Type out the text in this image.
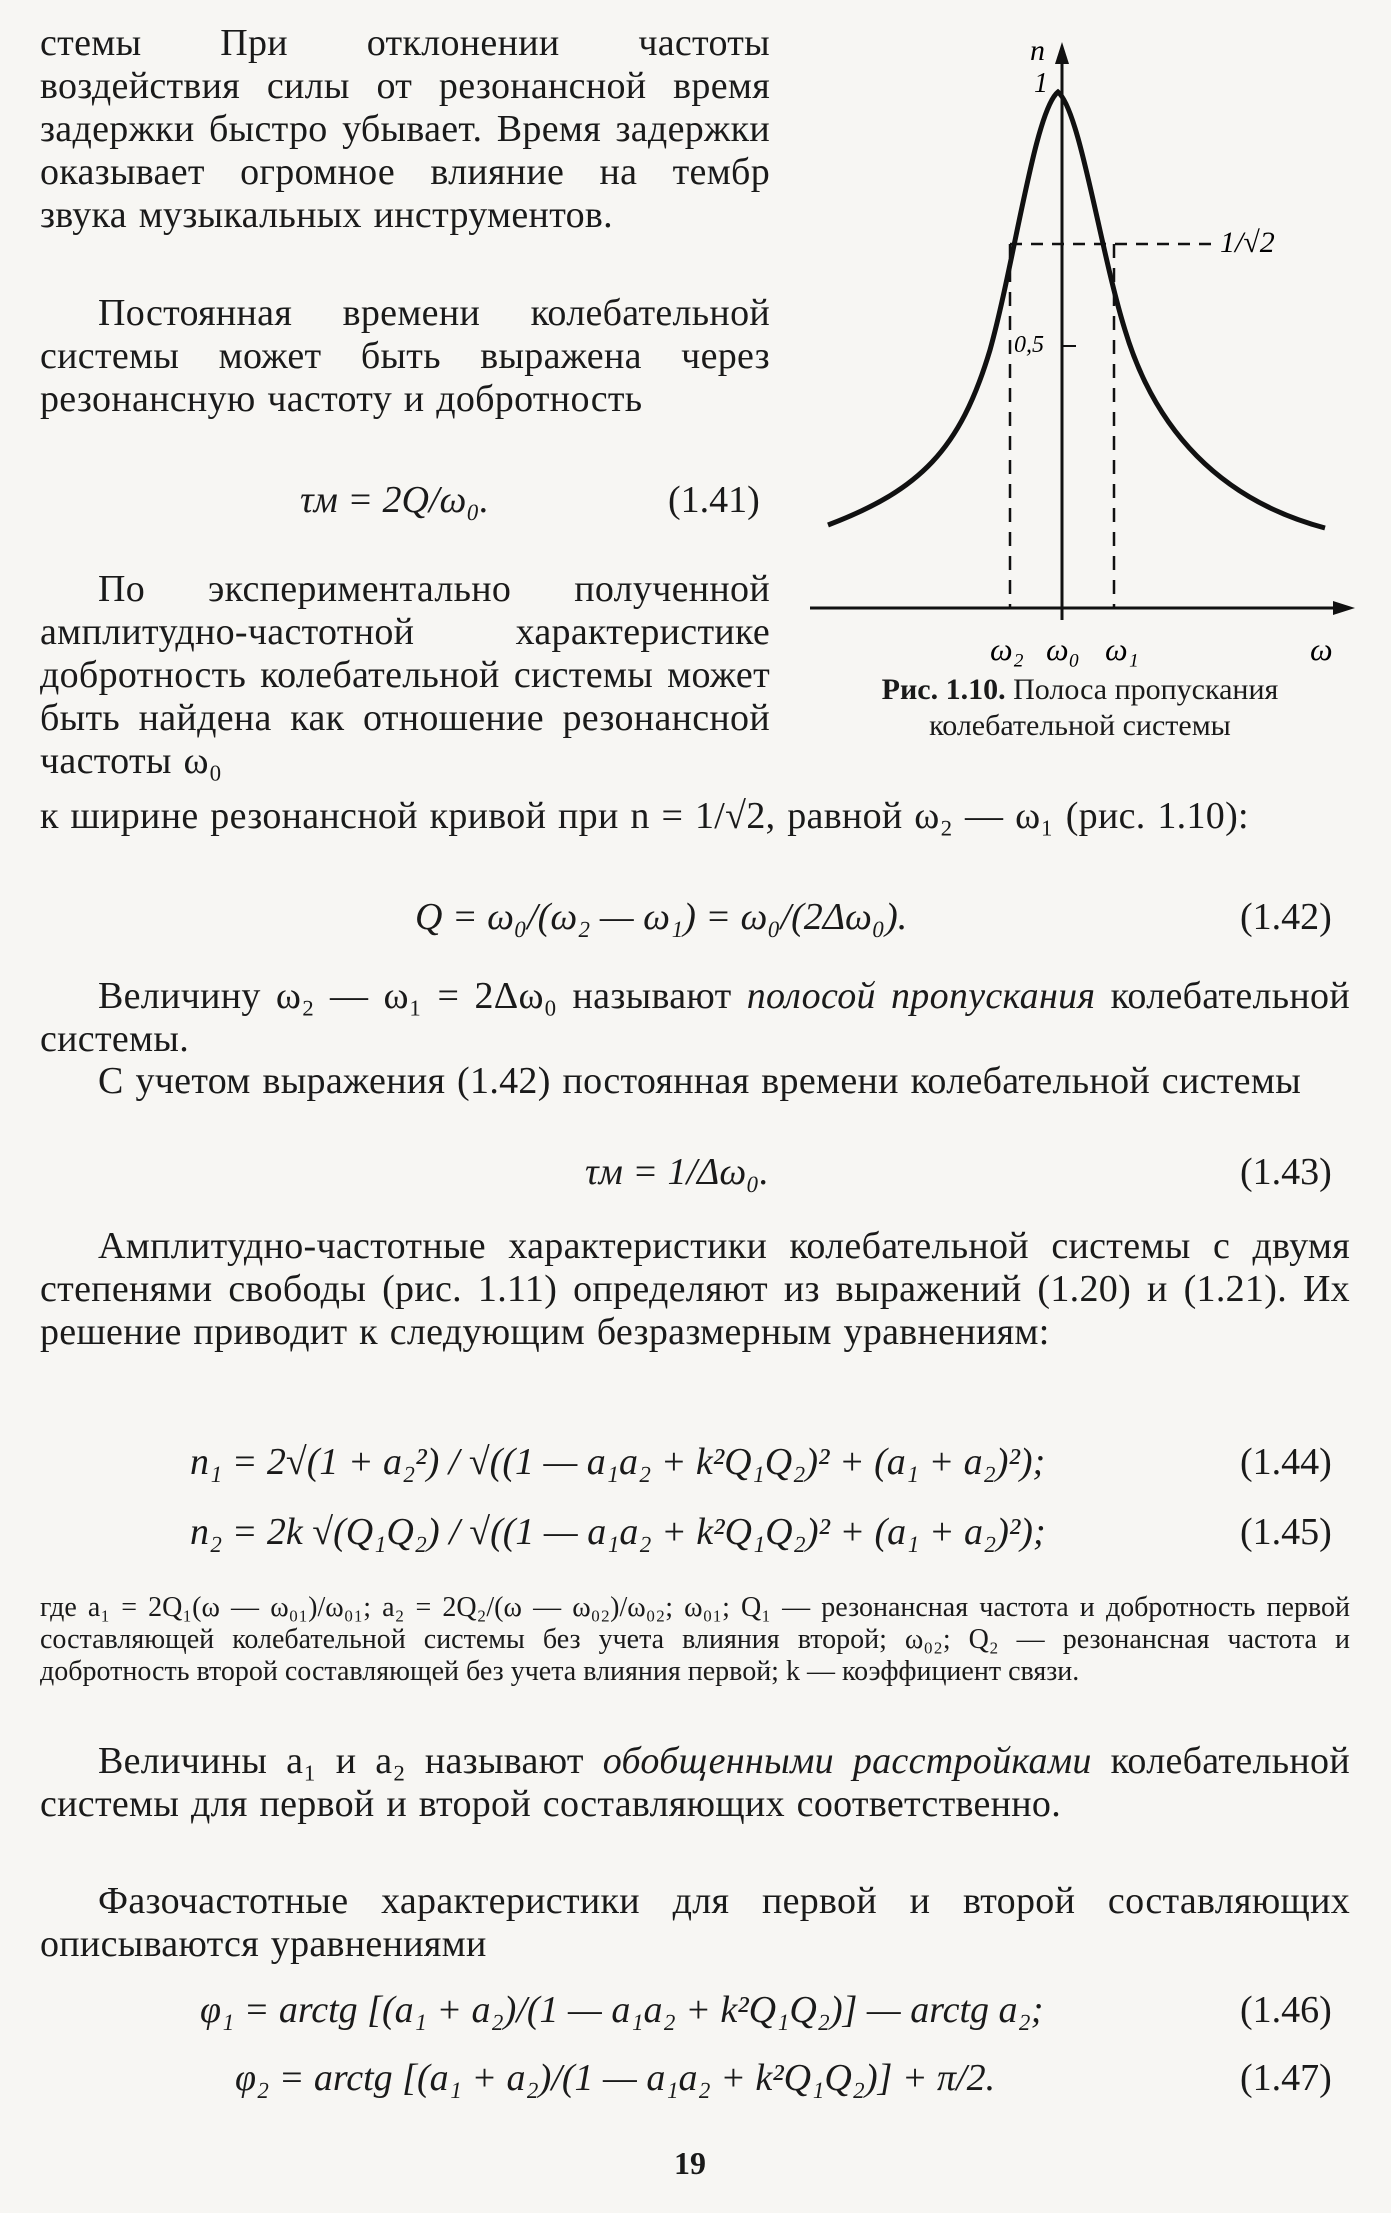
стемы При отклонении частоты воздействия силы от резонансной время задержки быстро убывает. Время задержки оказывает огромное влияние на тембр звука музыкальных инструментов.
Постоянная времени колебательной системы может быть выражена через резонансную частоту и добротность
τм = 2Q/ω₀.	(1.41)
По экспериментально полученной амплитудно-частотной характеристике добротность колебательной системы может быть найдена как отношение резонансной частоты ω₀
к ширине резонансной кривой при n = 1/√2, равной ω₂ — ω₁ (рис. 1.10):
n
1
1/√2
0,5
ω₂ ω₀ ω₁	ω
Рис. 1.10. Полоса пропускания колебательной системы
Q = ω₀/(ω₂ — ω₁) = ω₀/(2Δω₀).	(1.42)
Величину ω₂ — ω₁ = 2Δω₀ называют полосой пропускания колебательной системы.
С учетом выражения (1.42) постоянная времени колебательной системы
τм = 1/Δω₀.	(1.43)
Амплитудно-частотные характеристики колебательной системы с двумя степенями свободы (рис. 1.11) определяют из выражений (1.20) и (1.21). Их решение приводит к следующим безразмерным уравнениям:
n₁ = 2√(1 + a₂²) / √((1 — a₁a₂ + k²Q₁Q₂)² + (a₁ + a₂)²);	(1.44)
n₂ = 2k √(Q₁Q₂) / √((1 — a₁a₂ + k²Q₁Q₂)² + (a₁ + a₂)²);	(1.45)
где a₁ = 2Q₁(ω — ω₀₁)/ω₀₁; a₂ = 2Q₂/(ω — ω₀₂)/ω₀₂; ω₀₁; Q₁ — резонансная частота и добротность первой составляющей колебательной системы без учета влияния второй; ω₀₂; Q₂ — резонансная частота и добротность второй составляющей без учета влияния первой; k — коэффициент связи.
Величины a₁ и a₂ называют обобщенными расстройками колебательной системы для первой и второй составляющих соответственно.
Фазочастотные характеристики для первой и второй составляющих описываются уравнениями
φ₁ = arctg [(a₁ + a₂)/(1 — a₁a₂ + k²Q₁Q₂)] — arctg a₂;	(1.46)
φ₂ = arctg [(a₁ + a₂)/(1 — a₁a₂ + k²Q₁Q₂)] + π/2.	(1.47)
19
